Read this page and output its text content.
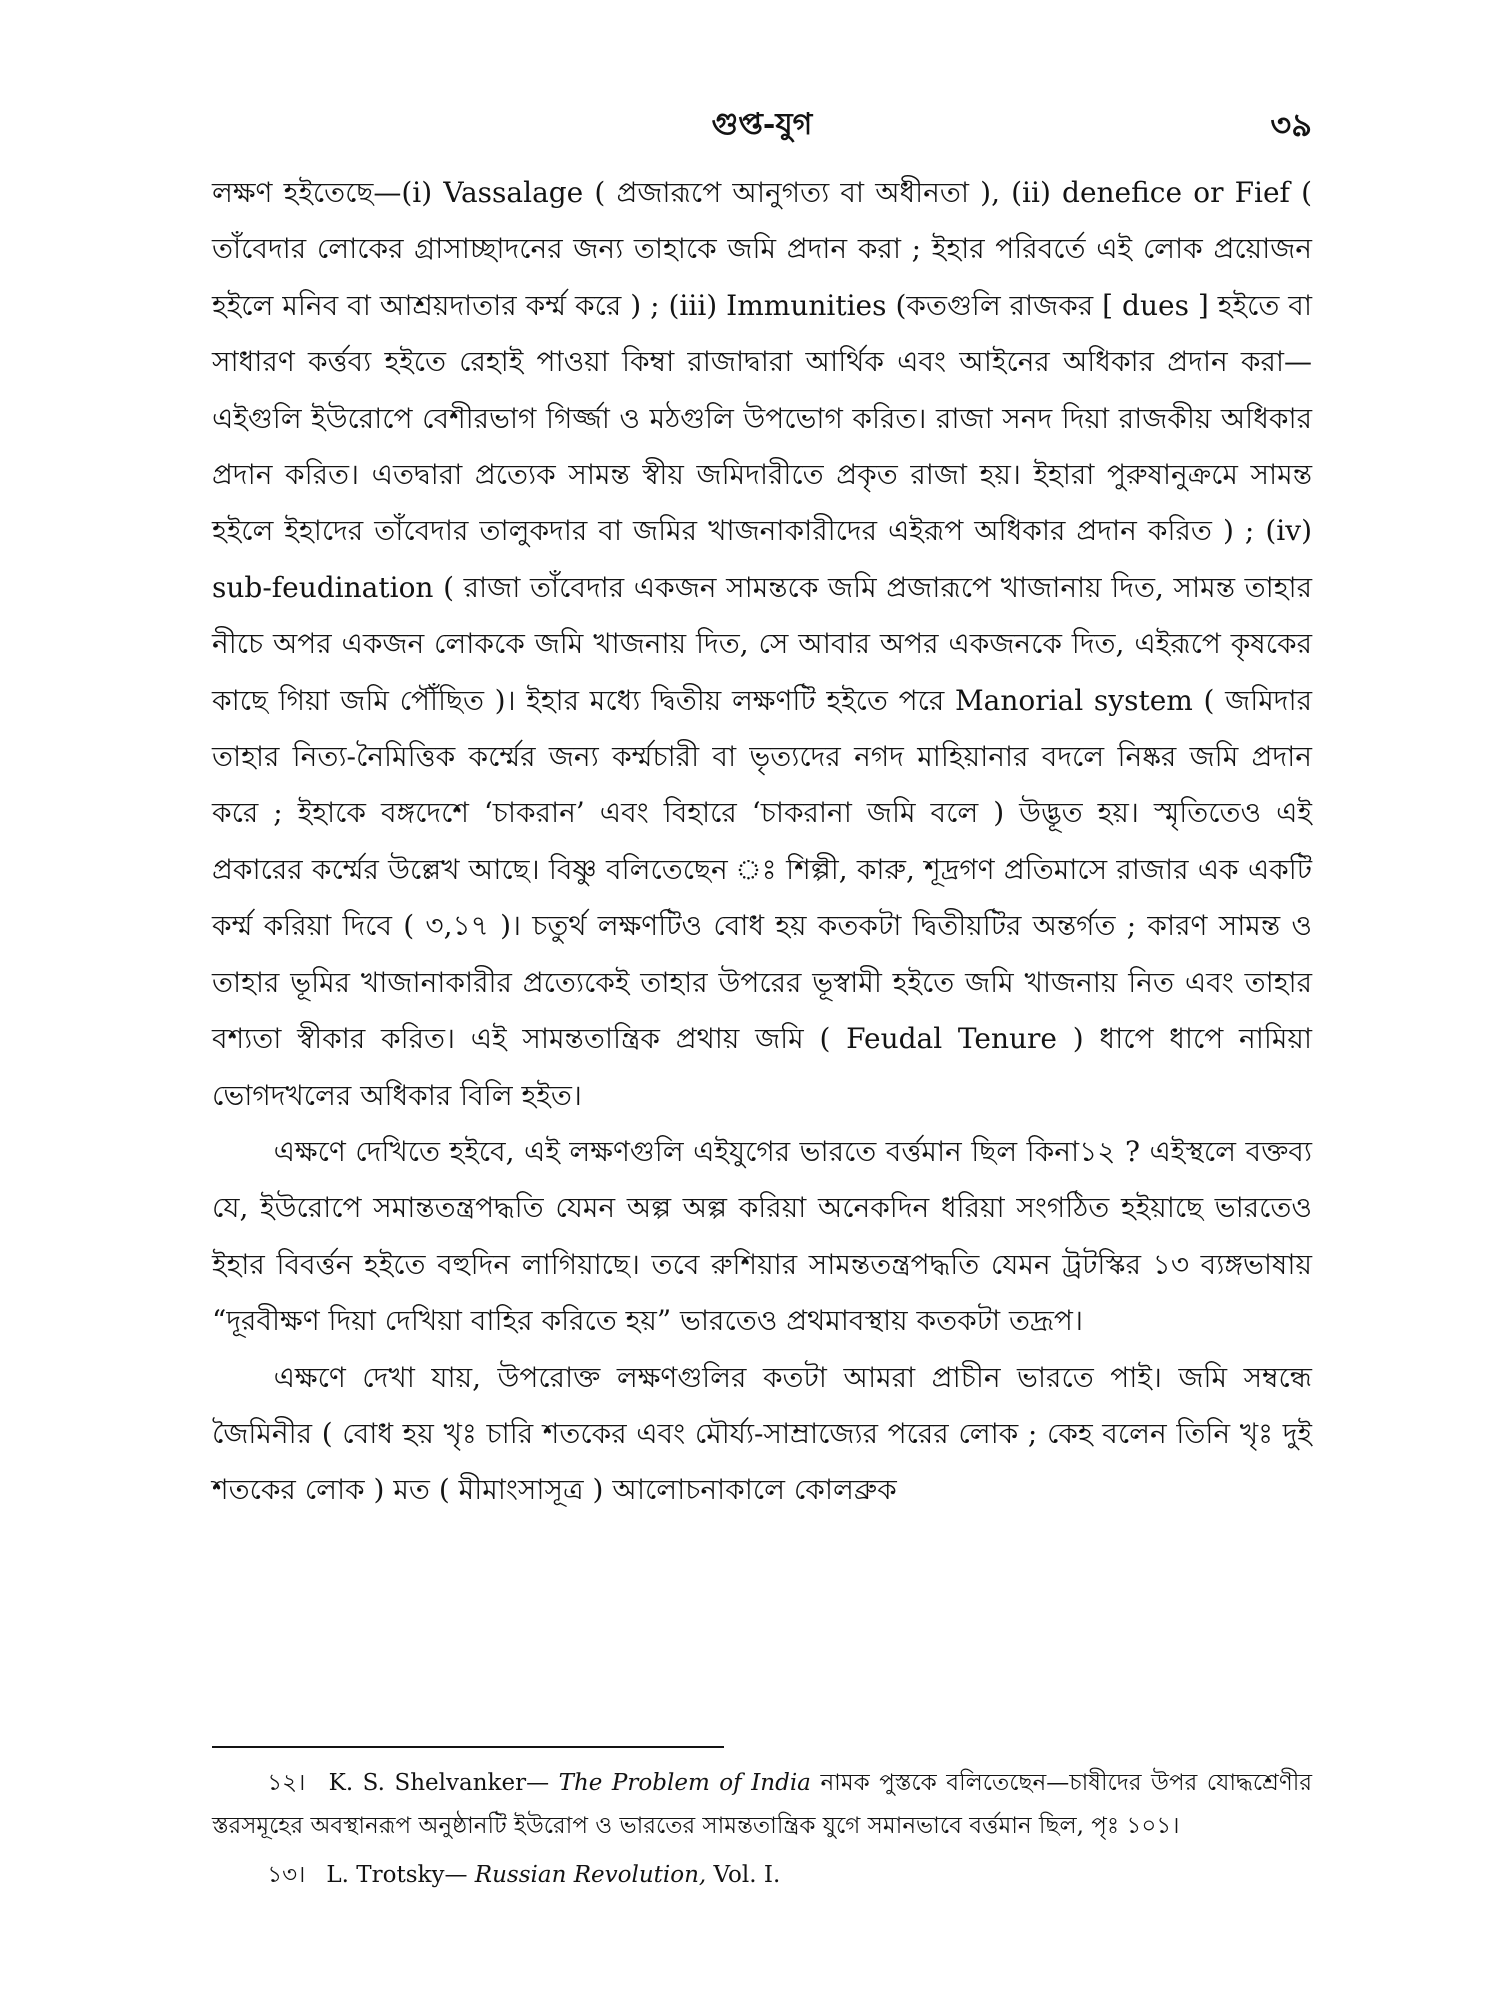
গুপ্ত-যুগ	৩৯

লক্ষণ হইতেছে—(i) Vassalage ( প্রজারূপে আনুগত্য বা অধীনতা ), (ii) denefice or Fief ( তাঁবেদার লোকের গ্রাসাচ্ছাদনের জন্য তাহাকে জমি প্রদান করা ; ইহার পরিবর্তে এই লোক প্রয়োজন হইলে মনিব বা আশ্রয়দাতার কর্ম্ম করে ) ; (iii) Immunities (কতগুলি রাজকর [ dues ] হইতে বা সাধারণ কর্ত্তব্য হইতে রেহাই পাওয়া কিম্বা রাজাদ্বারা আর্থিক এবং আইনের অধিকার প্রদান করা—এইগুলি ইউরোপে বেশীরভাগ গির্জ্জা ও মঠগুলি উপভোগ করিত। রাজা সনদ দিয়া রাজকীয় অধিকার প্রদান করিত। এতদ্বারা প্রত্যেক সামন্ত স্বীয় জমিদারীতে প্রকৃত রাজা হয়। ইহারা পুরুষানুক্রমে সামন্ত হইলে ইহাদের তাঁবেদার তালুকদার বা জমির খাজনাকারীদের এইরূপ অধিকার প্রদান করিত ) ; (iv) sub-feudination ( রাজা তাঁবেদার একজন সামন্তকে জমি প্রজারূপে খাজানায় দিত, সামন্ত তাহার নীচে অপর একজন লোককে জমি খাজনায় দিত, সে আবার অপর একজনকে দিত, এইরূপে কৃষকের কাছে গিয়া জমি পৌঁছিত )। ইহার মধ্যে দ্বিতীয় লক্ষণটি হইতে পরে Manorial system ( জমিদার তাহার নিত্য-নৈমিত্তিক কর্ম্মের জন্য কর্ম্মচারী বা ভৃত্যদের নগদ মাহিয়ানার বদলে নিষ্কর জমি প্রদান করে ; ইহাকে বঙ্গদেশে ‘চাকরান’ এবং বিহারে ‘চাকরানা জমি বলে ) উদ্ভূত হয়। স্মৃতিতেও এই প্রকারের কর্ম্মের উল্লেখ আছে। বিষ্ণু বলিতেছেন ঃ শিল্পী, কারু, শূদ্রগণ প্রতিমাসে রাজার এক একটি কর্ম্ম করিয়া দিবে ( ৩,১৭ )। চতুর্থ লক্ষণটিও বোধ হয় কতকটা দ্বিতীয়টির অন্তর্গত ; কারণ সামন্ত ও তাহার ভূমির খাজানাকারীর প্রত্যেকেই তাহার উপরের ভূস্বামী হইতে জমি খাজনায় নিত এবং তাহার বশ্যতা স্বীকার করিত। এই সামন্ততান্ত্রিক প্রথায় জমি ( Feudal Tenure ) ধাপে ধাপে নামিয়া ভোগদখলের অধিকার বিলি হইত।

এক্ষণে দেখিতে হইবে, এই লক্ষণগুলি এইযুগের ভারতে বর্ত্তমান ছিল কিনা১২ ? এইস্থলে বক্তব্য যে, ইউরোপে সমান্ততন্ত্রপদ্ধতি যেমন অল্প অল্প করিয়া অনেকদিন ধরিয়া সংগঠিত হইয়াছে ভারতেও ইহার বিবর্ত্তন হইতে বহুদিন লাগিয়াছে। তবে রুশিয়ার সামন্ততন্ত্রপদ্ধতি যেমন ট্রটস্কির ১৩ ব্যঙ্গভাষায় “দূরবীক্ষণ দিয়া দেখিয়া বাহির করিতে হয়” ভারতেও প্রথমাবস্থায় কতকটা তদ্রূপ।

এক্ষণে দেখা যায়, উপরোক্ত লক্ষণগুলির কতটা আমরা প্রাচীন ভারতে পাই। জমি সম্বন্ধে জৈমিনীর ( বোধ হয় খৃঃ চারি শতকের এবং মৌর্য্য-সাম্রাজ্যের পরের লোক ; কেহ বলেন তিনি খৃঃ দুই শতকের লোক ) মত ( মীমাংসাসূত্র ) আলোচনাকালে কোলব্রুক

১২। K. S. Shelvanker— The Problem of India নামক পুস্তকে বলিতেছেন—চাষীদের উপর যোদ্ধশ্রেণীর স্তরসমূহের অবস্থানরূপ অনুষ্ঠানটি ইউরোপ ও ভারতের সামন্ততান্ত্রিক যুগে সমানভাবে বর্ত্তমান ছিল, পৃঃ ১০১।

১৩। L. Trotsky— Russian Revolution, Vol. I.
